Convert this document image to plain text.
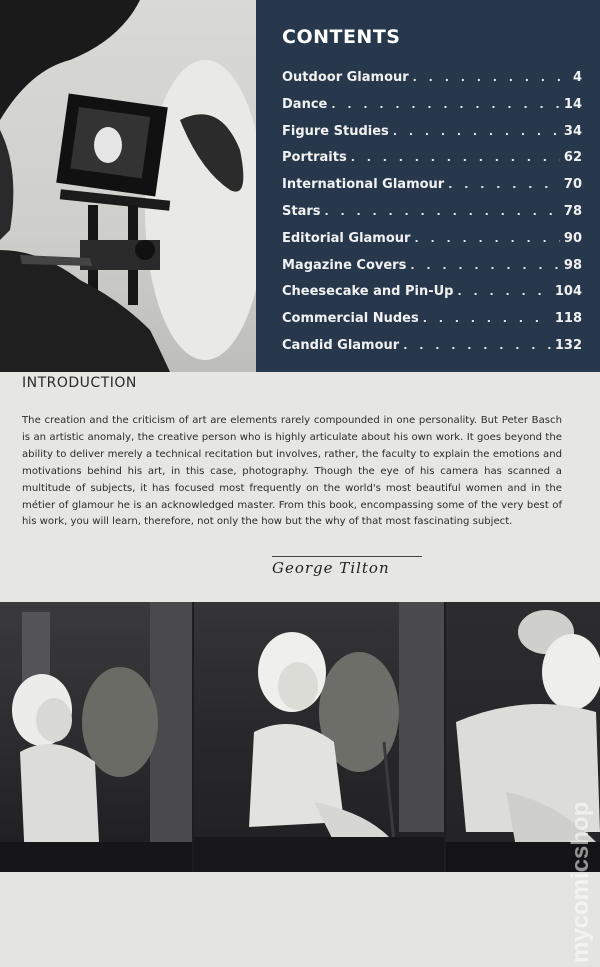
CONTENTS
Outdoor Glamour . . .	4
Dance . . .	14
Figure Studies . . .	34
Portraits . . .	62
International Glamour . . .	70
Stars . . .	78
Editorial Glamour . . .	90
Magazine Covers . . .	98
Cheesecake and Pin-Up . . .	104
Commercial Nudes . . .	118
Candid Glamour . . .	132
INTRODUCTION

The creation and the criticism of art are elements rarely compounded in one personality. But Peter Basch is an artistic anomaly, the creative person who is highly articulate about his own work. It goes beyond the ability to deliver merely a technical recitation but involves, rather, the faculty to explain the emotions and motivations behind his art, in this case, photography. Though the eye of his camera has scanned a multitude of subjects, it has focused most frequently on the world's most beautiful women and in the métier of glamour he is an acknowledged master. From this book, encompassing some of the very best of his work, you will learn, therefore, not only the how but the why of that most fascinating subject.

George Tilton
mycomicshop
